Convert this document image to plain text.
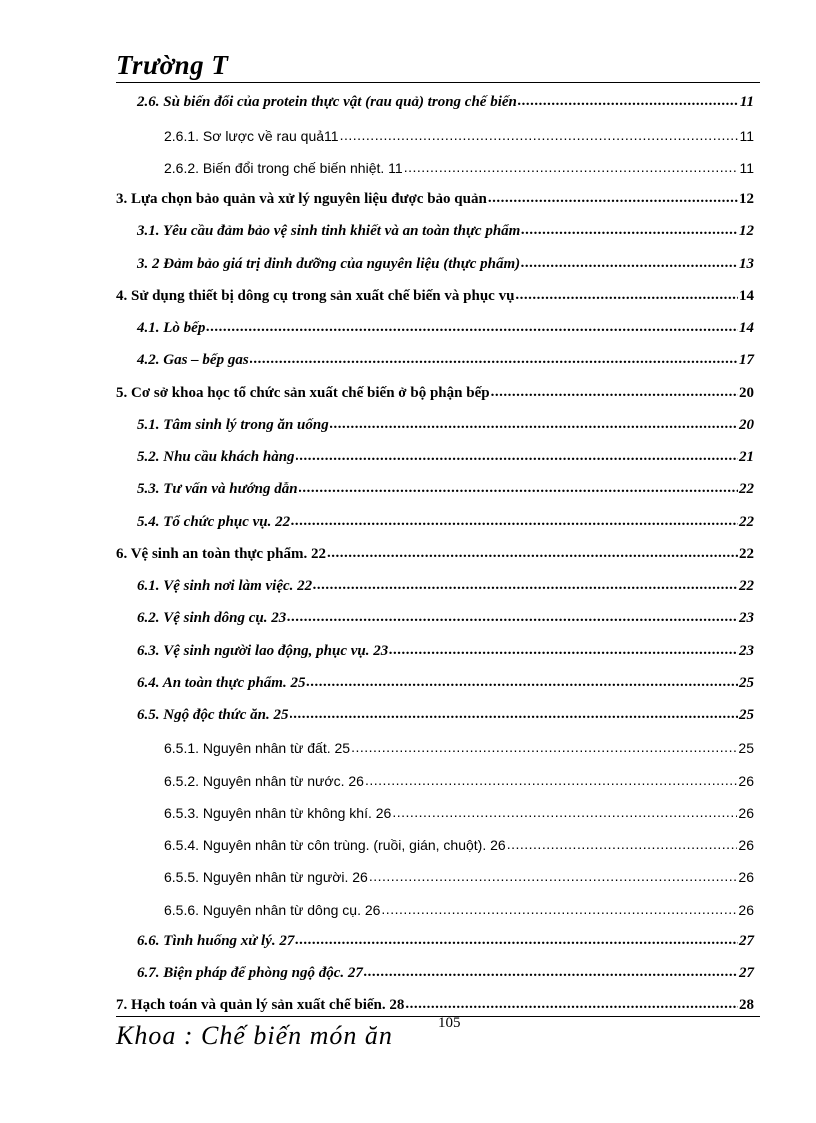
Trường T
2.6. Sù biến đổi của protein thực vật (rau quả) trong chế biến .....	11
2.6.1. Sơ lược về rau quả11 .....	11
2.6.2. Biến đổi trong chế biến nhiệt. 11 .....	11
3. Lựa chọn bảo quản và xử lý nguyên liệu được bảo quản .....	12
3.1. Yêu cầu đảm bảo vệ sinh tinh khiết và an toàn thực phẩm .....	12
3. 2 Đảm bảo giá trị dinh dưỡng của nguyên liệu (thực phẩm) .....	13
4. Sử dụng thiết bị dông cụ trong sản xuất chế biến và phục vụ .....	14
4.1. Lò bếp .....	14
4.2. Gas – bếp gas .....	17
5. Cơ sở khoa học tổ chức sản xuất chế biến ở bộ phận bếp .....	20
5.1. Tâm sinh lý trong ăn uống .....	20
5.2. Nhu cầu khách hàng .....	21
5.3. Tư vấn và hướng dẫn .....	22
5.4. Tổ chức phục vụ. 22 .....	22
6. Vệ sinh an toàn thực phẩm. 22 .....	22
6.1. Vệ sinh nơi làm việc. 22 .....	22
6.2. Vệ sinh dông cụ. 23 .....	23
6.3. Vệ sinh người lao động, phục vụ. 23 .....	23
6.4. An toàn thực phẩm. 25 .....	25
6.5. Ngộ độc thức ăn. 25 .....	25
6.5.1. Nguyên nhân từ đất. 25 .....	25
6.5.2. Nguyên nhân từ nước. 26 .....	26
6.5.3. Nguyên nhân từ không khí. 26 .....	26
6.5.4. Nguyên nhân từ côn trùng. (ruồi, gián, chuột). 26 .....	26
6.5.5. Nguyên nhân từ người. 26 .....	26
6.5.6. Nguyên nhân từ dông cụ. 26 .....	26
6.6. Tình huống xử lý. 27 .....	27
6.7. Biện pháp để phòng ngộ độc. 27 .....	27
7. Hạch toán và quản lý sản xuất chế biến. 28 .....	28
Khoa : Chế biến món ăn	105
